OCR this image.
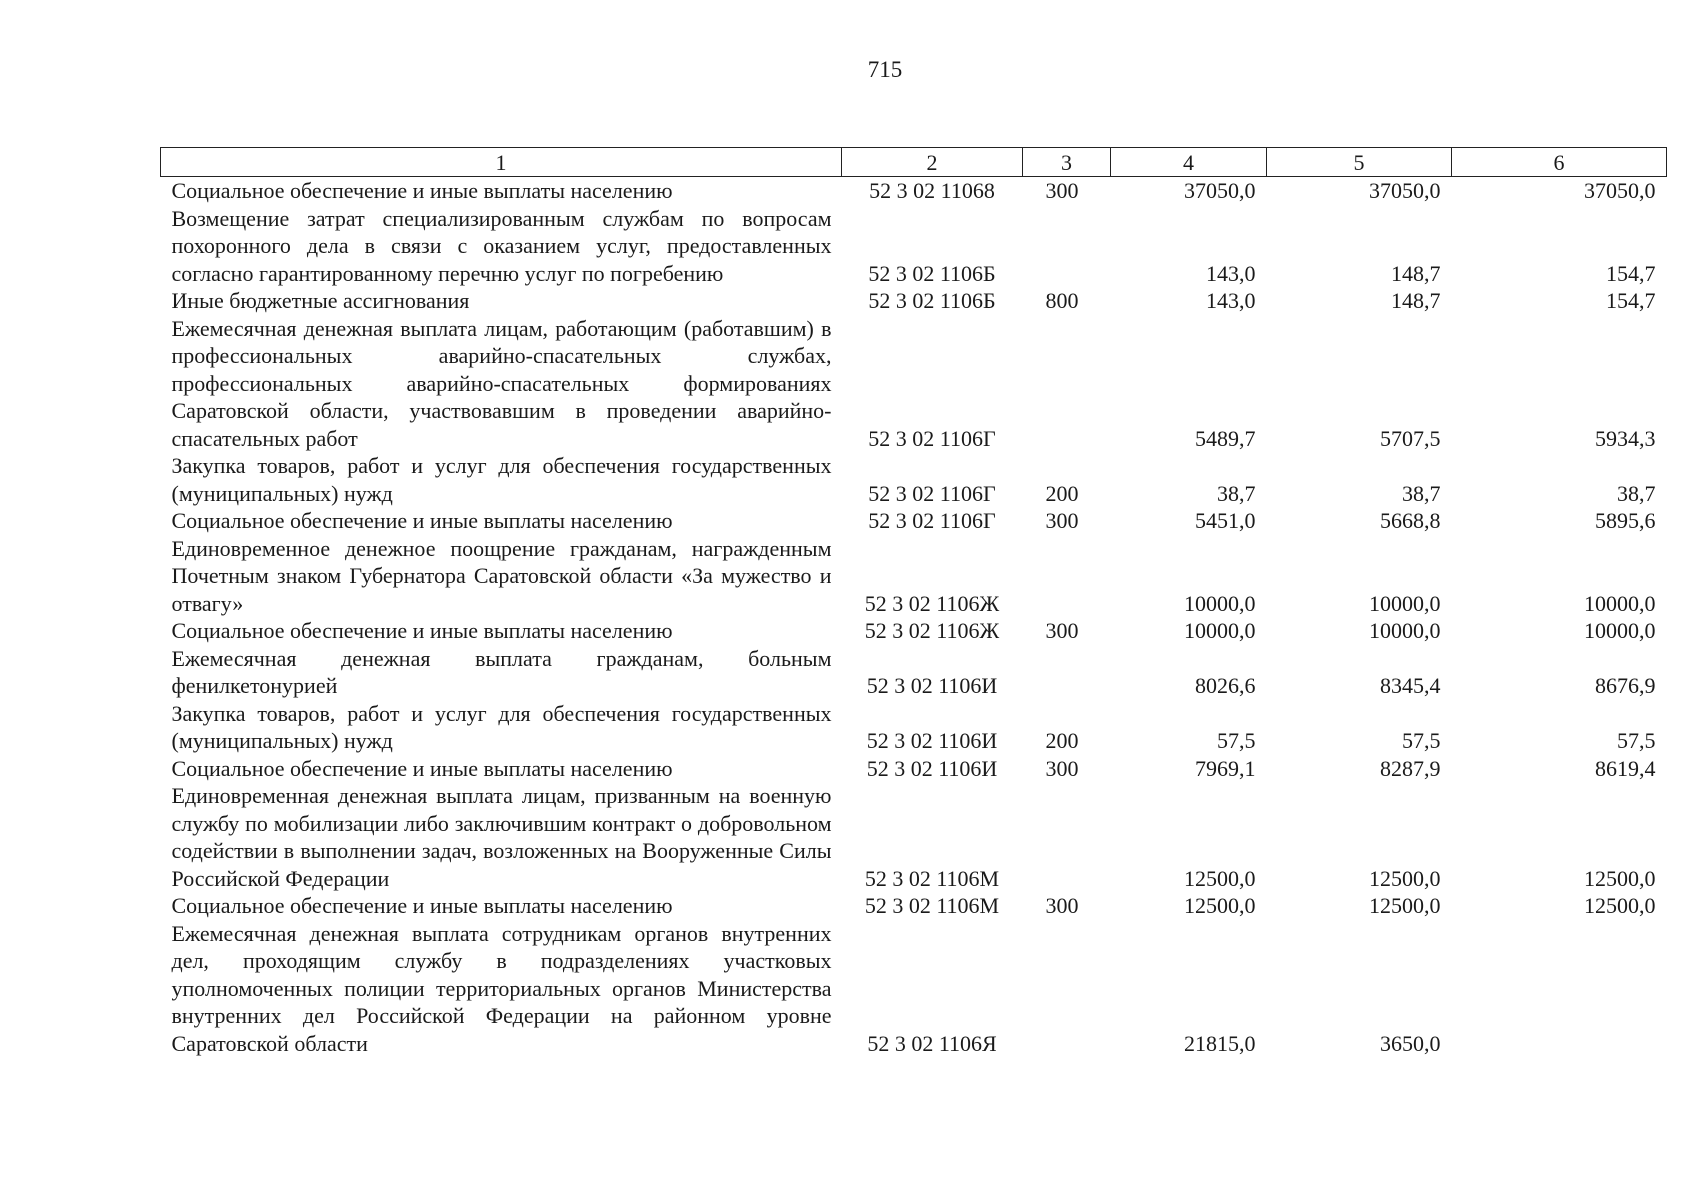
715
1	2	3	4	5	6
Социальное обеспечение и иные выплаты населению	52 3 02 11068	300	37050,0	37050,0	37050,0
Возмещение затрат специализированным службам по вопросам похоронного дела в связи с оказанием услуг, предоставленных согласно гарантированному перечню услуг по погребению	52 3 02 1106Б		143,0	148,7	154,7
Иные бюджетные ассигнования	52 3 02 1106Б	800	143,0	148,7	154,7
Ежемесячная денежная выплата лицам, работающим (работавшим) в профессиональных аварийно-спасательных службах, профессиональных аварийно-спасательных формированиях Саратовской области, участвовавшим в проведении аварийно-спасательных работ	52 3 02 1106Г		5489,7	5707,5	5934,3
Закупка товаров, работ и услуг для обеспечения государственных (муниципальных) нужд	52 3 02 1106Г	200	38,7	38,7	38,7
Социальное обеспечение и иные выплаты населению	52 3 02 1106Г	300	5451,0	5668,8	5895,6
Единовременное денежное поощрение гражданам, награжденным Почетным знаком Губернатора Саратовской области «За мужество и отвагу»	52 3 02 1106Ж		10000,0	10000,0	10000,0
Социальное обеспечение и иные выплаты населению	52 3 02 1106Ж	300	10000,0	10000,0	10000,0
Ежемесячная денежная выплата гражданам, больным фенилкетонурией	52 3 02 1106И		8026,6	8345,4	8676,9
Закупка товаров, работ и услуг для обеспечения государственных (муниципальных) нужд	52 3 02 1106И	200	57,5	57,5	57,5
Социальное обеспечение и иные выплаты населению	52 3 02 1106И	300	7969,1	8287,9	8619,4
Единовременная денежная выплата лицам, призванным на военную службу по мобилизации либо заключившим контракт о добровольном содействии в выполнении задач, возложенных на Вооруженные Силы Российской Федерации	52 3 02 1106М		12500,0	12500,0	12500,0
Социальное обеспечение и иные выплаты населению	52 3 02 1106М	300	12500,0	12500,0	12500,0
Ежемесячная денежная выплата сотрудникам органов внутренних дел, проходящим службу в подразделениях участковых уполномоченных полиции территориальных органов Министерства внутренних дел Российской Федерации на районном уровне Саратовской области	52 3 02 1106Я		21815,0	3650,0	
